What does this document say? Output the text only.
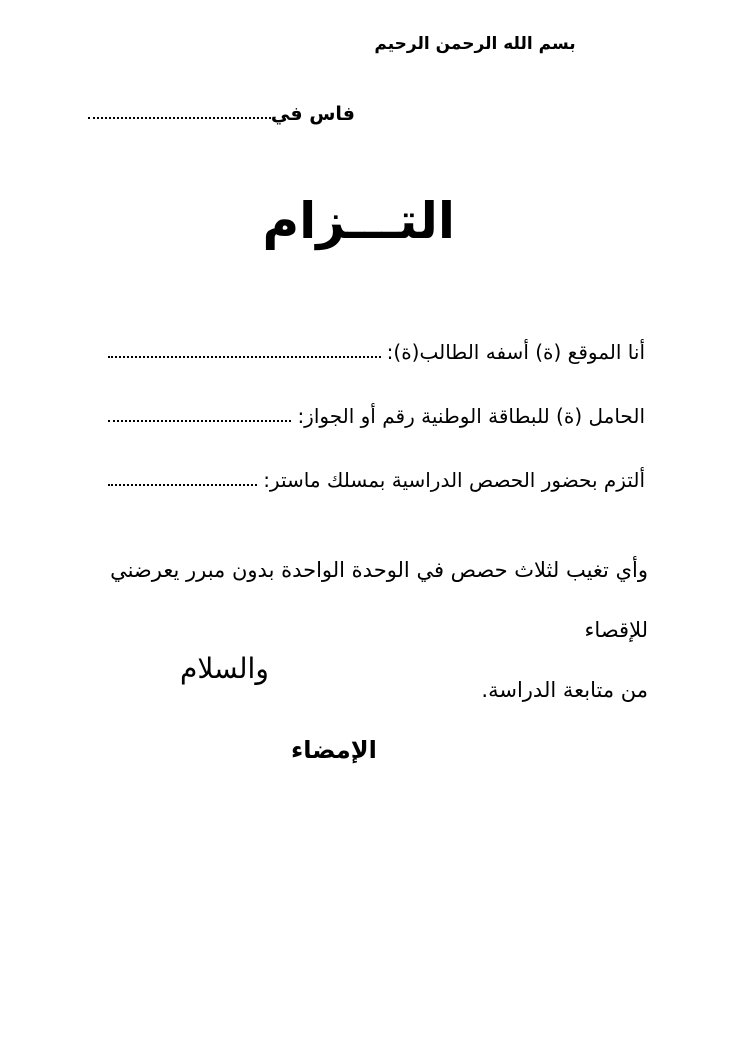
بسم الله الرحمن الرحيم
فاس في
التـــزام
أنا الموقع (ة) أسفه الطالب(ة):
الحامل (ة) للبطاقة الوطنية رقم أو الجواز:
ألتزم بحضور الحصص الدراسية بمسلك ماستر:
وأي تغيب لثلاث حصص في الوحدة الواحدة بدون مبرر يعرضني للإقصاء
من متابعة الدراسة.
والسلام
الإمضاء
